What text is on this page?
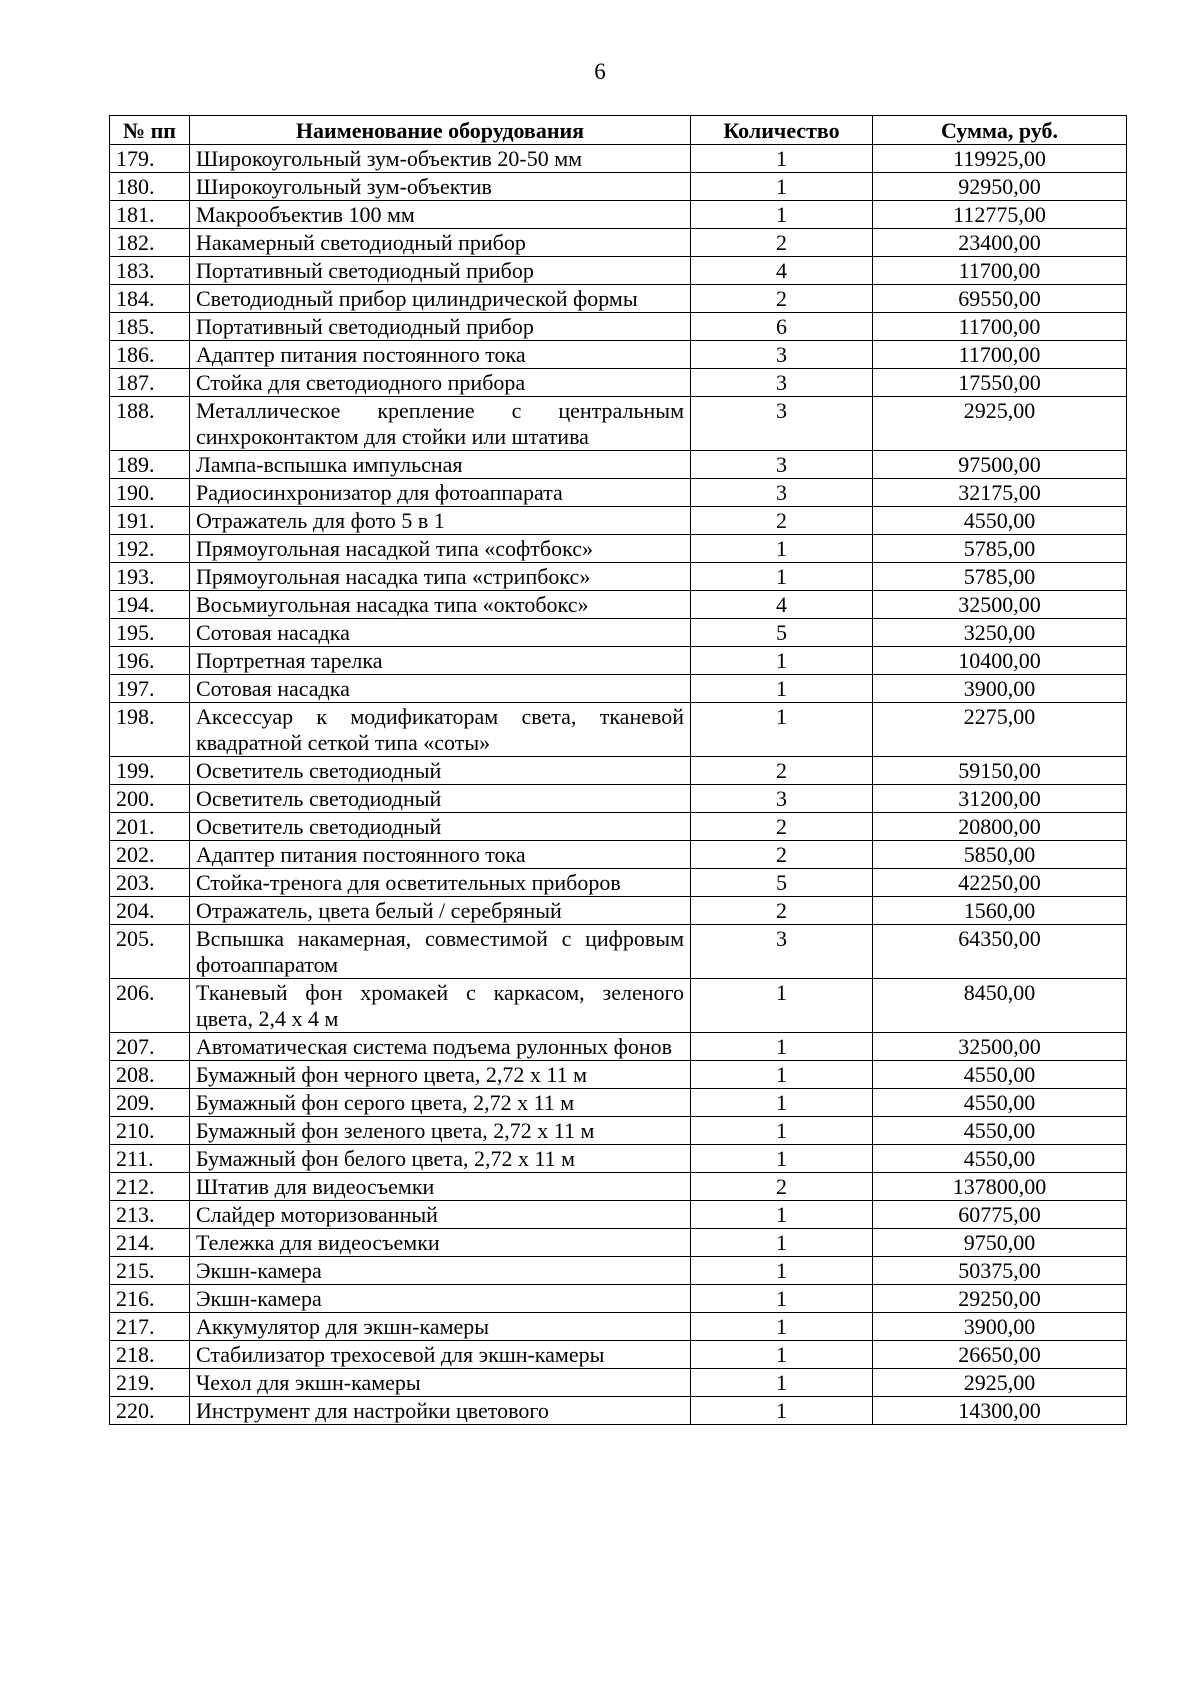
6
№ пп	Наименование оборудования	Количество	Сумма, руб.
179.	Широкоугольный зум-объектив 20-50 мм	1	119925,00
180.	Широкоугольный зум-объектив	1	92950,00
181.	Макрообъектив 100 мм	1	112775,00
182.	Накамерный светодиодный прибор	2	23400,00
183.	Портативный светодиодный прибор	4	11700,00
184.	Светодиодный прибор цилиндрической формы	2	69550,00
185.	Портативный светодиодный прибор	6	11700,00
186.	Адаптер питания постоянного тока	3	11700,00
187.	Стойка для светодиодного прибора	3	17550,00
188.	Металлическое крепление с центральным синхроконтактом для стойки или штатива	3	2925,00
189.	Лампа-вспышка импульсная	3	97500,00
190.	Радиосинхронизатор для фотоаппарата	3	32175,00
191.	Отражатель для фото 5 в 1	2	4550,00
192.	Прямоугольная насадкой типа «софтбокс»	1	5785,00
193.	Прямоугольная насадка типа «стрипбокс»	1	5785,00
194.	Восьмиугольная насадка типа «октобокс»	4	32500,00
195.	Сотовая насадка	5	3250,00
196.	Портретная тарелка	1	10400,00
197.	Сотовая насадка	1	3900,00
198.	Аксессуар к модификаторам света, тканевой квадратной сеткой типа «соты»	1	2275,00
199.	Осветитель светодиодный	2	59150,00
200.	Осветитель светодиодный	3	31200,00
201.	Осветитель светодиодный	2	20800,00
202.	Адаптер питания постоянного тока	2	5850,00
203.	Стойка-тренога для осветительных приборов	5	42250,00
204.	Отражатель, цвета белый / серебряный	2	1560,00
205.	Вспышка накамерная, совместимой с цифровым фотоаппаратом	3	64350,00
206.	Тканевый фон хромакей с каркасом, зеленого цвета, 2,4 х 4 м	1	8450,00
207.	Автоматическая система подъема рулонных фонов	1	32500,00
208.	Бумажный фон черного цвета, 2,72 х 11 м	1	4550,00
209.	Бумажный фон серого цвета, 2,72 х 11 м	1	4550,00
210.	Бумажный фон зеленого цвета, 2,72 х 11 м	1	4550,00
211.	Бумажный фон белого цвета, 2,72 х 11 м	1	4550,00
212.	Штатив для видеосъемки	2	137800,00
213.	Слайдер моторизованный	1	60775,00
214.	Тележка для видеосъемки	1	9750,00
215.	Экшн-камера	1	50375,00
216.	Экшн-камера	1	29250,00
217.	Аккумулятор для экшн-камеры	1	3900,00
218.	Стабилизатор трехосевой для экшн-камеры	1	26650,00
219.	Чехол для экшн-камеры	1	2925,00
220.	Инструмент для настройки цветового	1	14300,00
